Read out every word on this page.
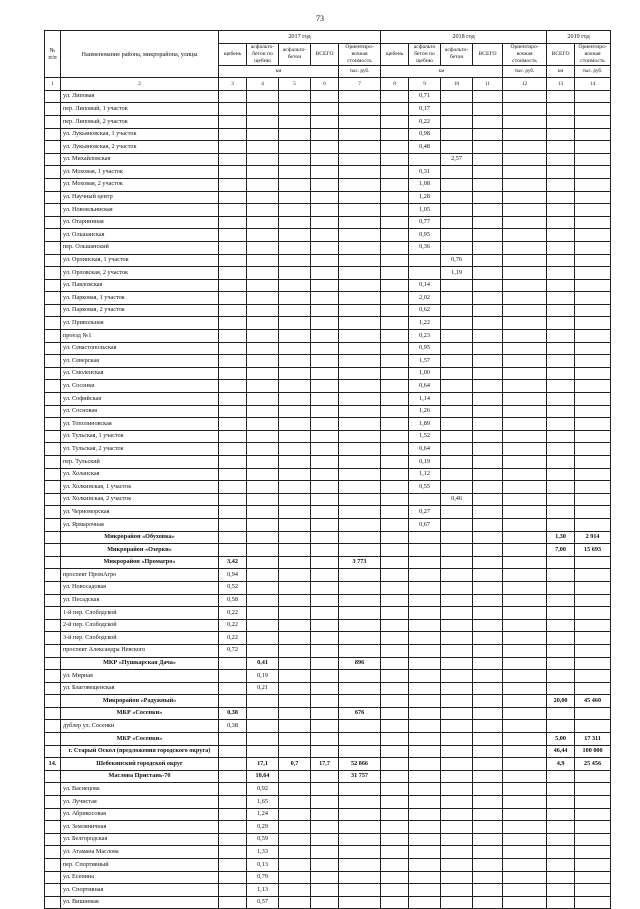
73
№ п/п	Наименование района, микрорайона, улицы	2017 год					2018 год					2019 год	
		щебень	асфальто-бетон по щебню	асфальто-бетон	ВСЕГО	Ориентиро-вочная стоимость	щебень	асфальто бетон по щебню	асфальто-бетон	ВСЕГО	Ориентиро-вочная стоимость	ВСЕГО	Ориентиро-вочная стоимость
		км				тыс. руб.	км				тыс. руб.	км	тыс. руб.
1	2	3	4	5	6	7	8	9	10	11	12	13	14
	ул. Липовая							0,71					
	пер. Липовый, 1 участок							0,17					
	пер. Липовый, 2 участок							0,22					
	ул. Лукьяновская, 1 участок							0,98					
	ул. Лукьяновская, 2 участок							0,48					
	ул. Михайловская								2,57				
	ул. Моховая, 1 участок							0,31					
	ул. Моховая, 2 участок							1,08					
	ул. Научный центр							1,28					
	ул. Новоильинская							1,05					
	ул. Огарнинная							0,77					
	ул. Ольшанская							0,95					
	пер. Ольшанский							0,36					
	ул. Орлинская, 1 участок								0,76				
	ул. Орловская, 2 участок								1,19				
	ул. Павловская							0,14					
	ул. Парковая, 1 участок							2,02					
	ул. Парковая, 2 участок							0,62					
	ул. Привольная							1,22					
	проезд №1							0,23					
	ул. Севастопольская							0,95					
	ул. Северская							1,57					
	ул. Смоленская							1,00					
	ул. Сосенки							0,64					
	ул. Софийская							1,14					
	ул. Сосновая							1,26					
	ул. Тополиновская							1,89					
	ул. Тульская, 1 участок							1,52					
	ул. Тульская, 2 участок							0,64					
	пер. Тульский							0,19					
	ул. Холанская							1,12					
	ул. Холкинская, 1 участок							0,55					
	ул. Холкинская, 2 участок								0,46				
	ул. Черноморская							0,27					
	ул. Ярмарочная							0,67					
	Микрорайон «Обуховка»											1,30	2 914
	Микрорайон «Озерки»											7,00	15 693
	Микрорайон «Промагро»	3,42				3 773							
	проспект ПромАгро	0,94											
	ул. Новосадовая	0,52											
	ул. Песадская	0,58											
	1-й пер. Слободской	0,22											
	2-й пер. Слободской	0,22											
	3-й пер. Слободской	0,22											
	проспект Александра Невского	0,72											
	МКР «Пушкарская Дача»		0,41			896							
	ул. Мирная		0,19										
	ул. Благовещенская		0,21										
	Микрорайон «Радужный»											20,00	45 460
	МКР «Сосенки»	0,38				676							
	дублер ул. Сосенки	0,38											
	МКР «Сосенки»											5,00	17 311
	г. Старый Оскол (предложения городского округа)											46,44	100 000
14.	Шебекинский городской округ		17,1	0,7	17,7	52 866						4,9	25 456
	Маслова Пристань-70		10,64			31 757							
	ул. Васнецова		0,92										
	ул. Лучистая		1,65										
	ул. Абрикосовая		1,24										
	ул. Земляничная		0,29										
	ул. Белгородская		0,59										
	ул. Атамана Маслова		1,33										
	пер. Спортивный		0,13										
	ул. Есенина		0,79										
	ул. Спортивная		1,13										
	ул. Вишневая		0,57										
